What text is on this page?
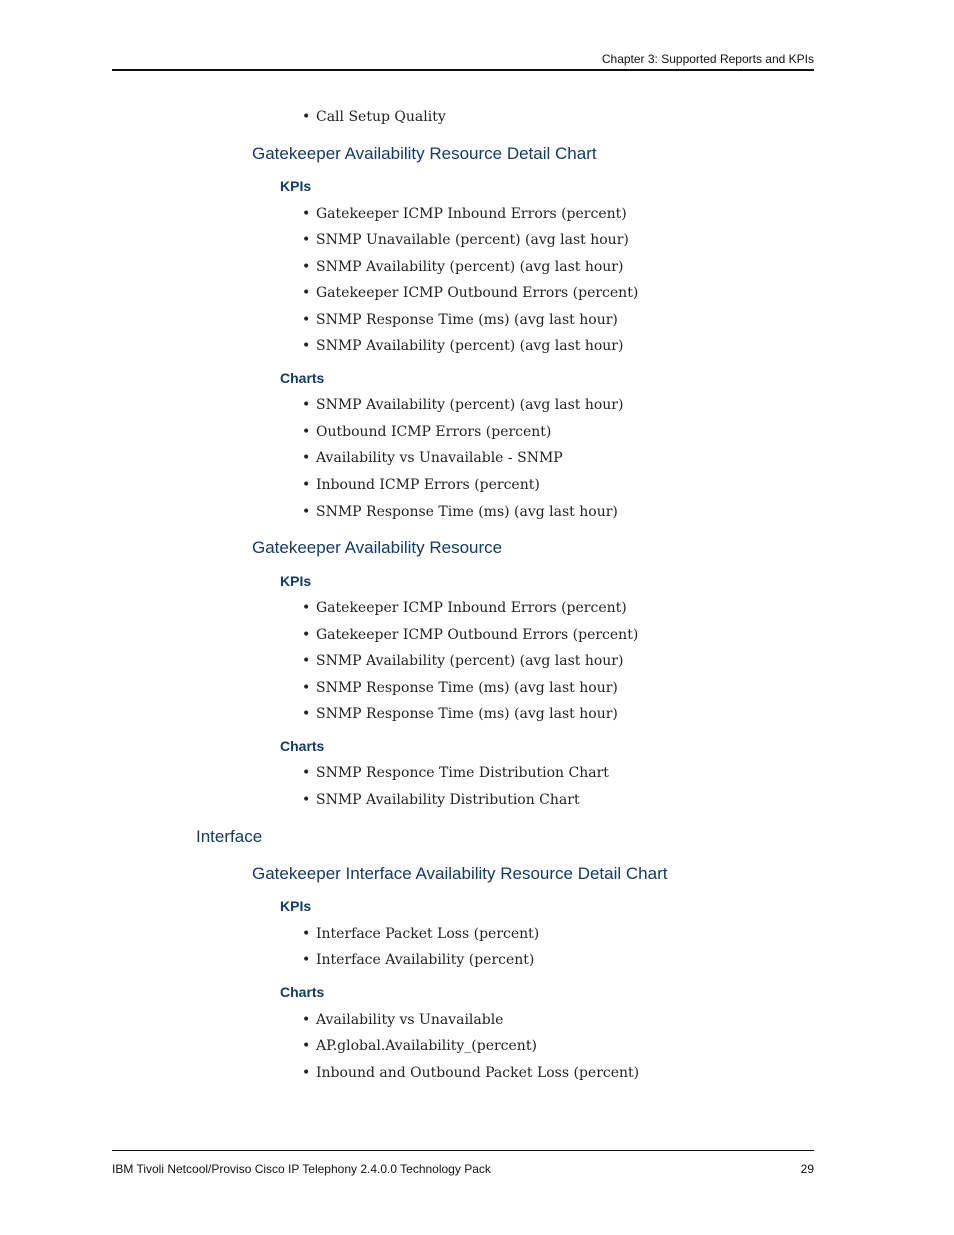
Chapter 3: Supported Reports and KPIs
• Call Setup Quality
Gatekeeper Availability Resource Detail Chart
KPIs
• Gatekeeper ICMP Inbound Errors (percent)
• SNMP Unavailable (percent) (avg last hour)
• SNMP Availability (percent) (avg last hour)
• Gatekeeper ICMP Outbound Errors (percent)
• SNMP Response Time (ms) (avg last hour)
• SNMP Availability (percent) (avg last hour)
Charts
• SNMP Availability (percent) (avg last hour)
• Outbound ICMP Errors (percent)
• Availability vs Unavailable - SNMP
• Inbound ICMP Errors (percent)
• SNMP Response Time (ms) (avg last hour)
Gatekeeper Availability Resource
KPIs
• Gatekeeper ICMP Inbound Errors (percent)
• Gatekeeper ICMP Outbound Errors (percent)
• SNMP Availability (percent) (avg last hour)
• SNMP Response Time (ms) (avg last hour)
• SNMP Response Time (ms) (avg last hour)
Charts
• SNMP Responce Time Distribution Chart
• SNMP Availability Distribution Chart
Interface
Gatekeeper Interface Availability Resource Detail Chart
KPIs
• Interface Packet Loss (percent)
• Interface Availability (percent)
Charts
• Availability vs Unavailable
• AP.global.Availability_(percent)
• Inbound and Outbound Packet Loss (percent)
IBM Tivoli Netcool/Proviso Cisco IP Telephony 2.4.0.0 Technology Pack	29
